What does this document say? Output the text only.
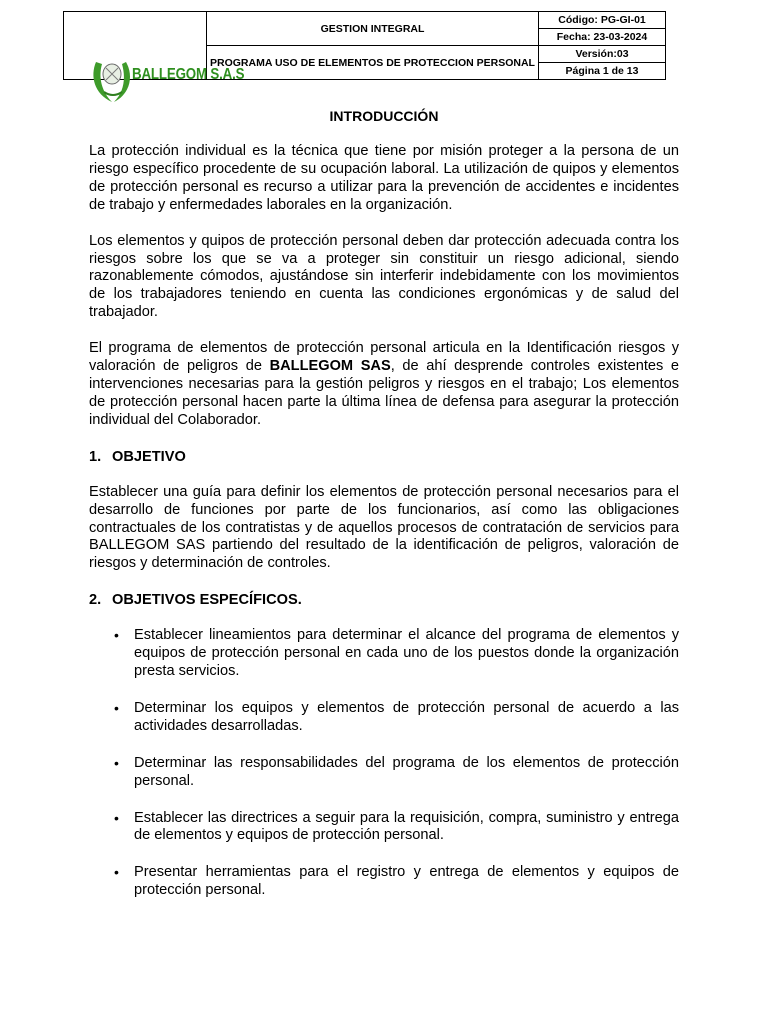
	GESTION INTEGRAL	Código: PG-GI-01
		Fecha: 23-03-2024
	PROGRAMA USO DE ELEMENTOS DE PROTECCION PERSONAL	Versión:03
		Página 1 de 13
BALLEGOM S.A.S
INTRODUCCIÓN

La protección individual es la técnica que tiene por misión proteger a la persona de un riesgo específico procedente de su ocupación laboral. La utilización de quipos y elementos de protección personal es recurso a utilizar para la prevención de accidentes e incidentes de trabajo y enfermedades laborales en la organización.

Los elementos y quipos de protección personal deben dar protección adecuada contra los riesgos sobre los que se va a proteger sin constituir un riesgo adicional, siendo razonablemente cómodos, ajustándose sin interferir indebidamente con los movimientos de los trabajadores teniendo en cuenta las condiciones ergonómicas y de salud del trabajador.

El programa de elementos de protección personal articula en la Identificación riesgos y valoración de peligros de BALLEGOM SAS, de ahí desprende controles existentes e intervenciones necesarias para la gestión peligros y riesgos en el trabajo; Los elementos de protección personal hacen parte la última línea de defensa para asegurar la protección individual del Colaborador.

1. OBJETIVO

Establecer una guía para definir los elementos de protección personal necesarios para el desarrollo de funciones por parte de los funcionarios, así como las obligaciones contractuales de los contratistas y de aquellos procesos de contratación de servicios para BALLEGOM SAS partiendo del resultado de la identificación de peligros, valoración de riesgos y determinación de controles.

2. OBJETIVOS ESPECÍFICOS.
• Establecer lineamientos para determinar el alcance del programa de elementos y equipos de protección personal en cada uno de los puestos donde la organización presta servicios.

• Determinar los equipos y elementos de protección personal de acuerdo a las actividades desarrolladas.

• Determinar las responsabilidades del programa de los elementos de protección personal.

• Establecer las directrices a seguir para la requisición, compra, suministro y entrega de elementos y equipos de protección personal.

• Presentar herramientas para el registro y entrega de elementos y equipos de protección personal.
